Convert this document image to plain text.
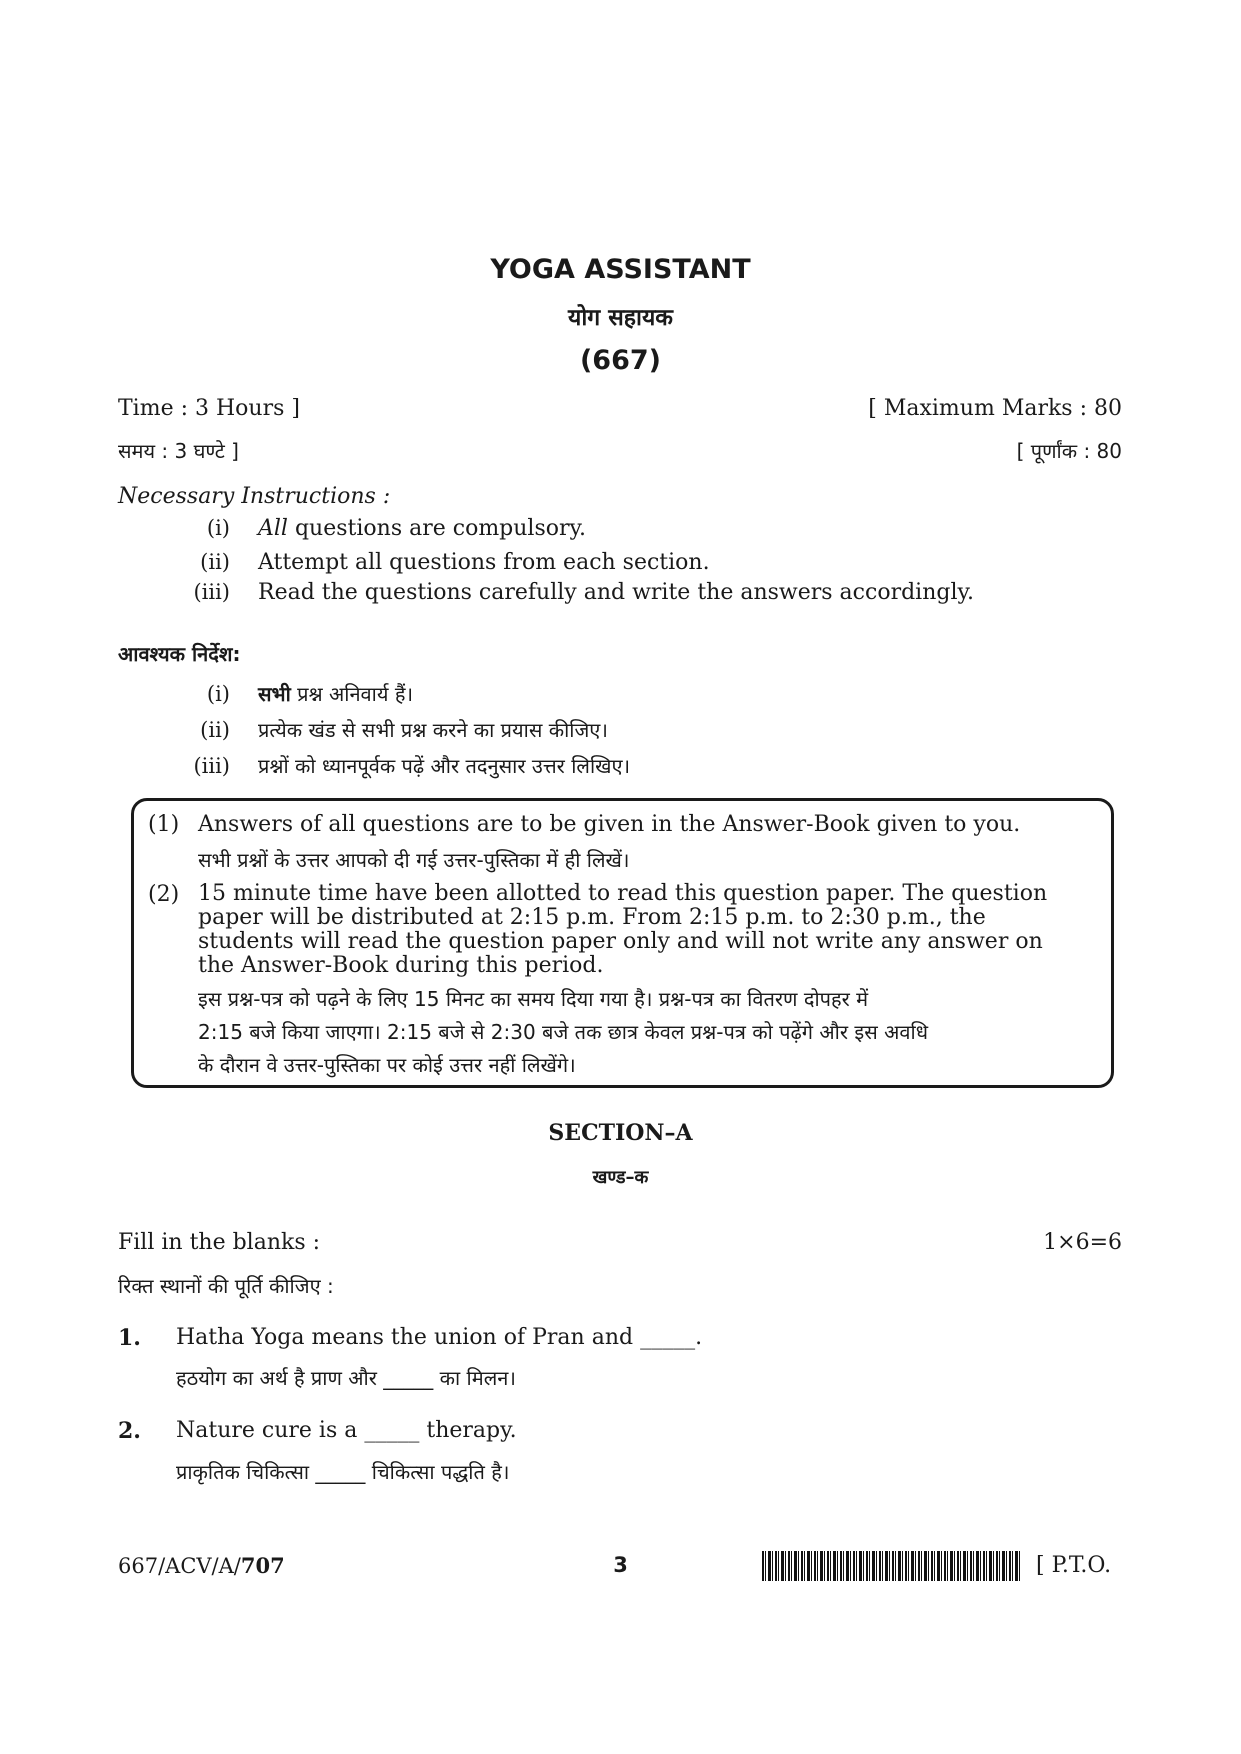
YOGA ASSISTANT
योग सहायक
(667)
Time : 3 Hours ]	[ Maximum Marks : 80
समय : 3 घण्टे ]	[ पूर्णांक : 80
Necessary Instructions :
(i) All questions are compulsory.
(ii) Attempt all questions from each section.
(iii) Read the questions carefully and write the answers accordingly.
आवश्यक निर्देश:
(i) सभी प्रश्न अनिवार्य हैं।
(ii) प्रत्येक खंड से सभी प्रश्न करने का प्रयास कीजिए।
(iii) प्रश्नों को ध्यानपूर्वक पढ़ें और तदनुसार उत्तर लिखिए।
(1) Answers of all questions are to be given in the Answer-Book given to you.
सभी प्रश्नों के उत्तर आपको दी गई उत्तर-पुस्तिका में ही लिखें।
(2) 15 minute time have been allotted to read this question paper. The question
paper will be distributed at 2:15 p.m. From 2:15 p.m. to 2:30 p.m., the
students will read the question paper only and will not write any answer on
the Answer-Book during this period.
इस प्रश्न-पत्र को पढ़ने के लिए 15 मिनट का समय दिया गया है। प्रश्न-पत्र का वितरण दोपहर में
2:15 बजे किया जाएगा। 2:15 बजे से 2:30 बजे तक छात्र केवल प्रश्न-पत्र को पढ़ेंगे और इस अवधि
के दौरान वे उत्तर-पुस्तिका पर कोई उत्तर नहीं लिखेंगे।
SECTION–A
खण्ड–क
Fill in the blanks :	1×6=6
रिक्त स्थानों की पूर्ति कीजिए :
1. Hatha Yoga means the union of Pran and _____.
हठयोग का अर्थ है प्राण और _____ का मिलन।
2. Nature cure is a _____ therapy.
प्राकृतिक चिकित्सा _____ चिकित्सा पद्धति है।
667/ACV/A/707	3	[ P.T.O.
